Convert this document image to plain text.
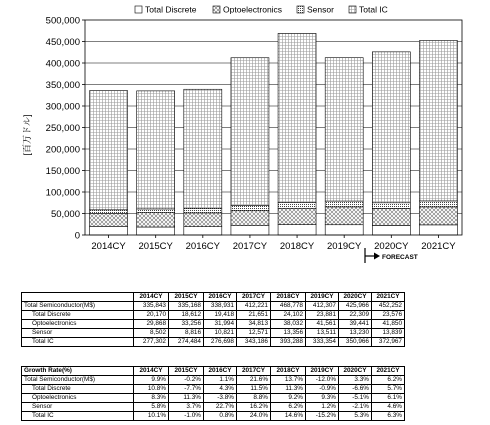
Total Discrete	Optoelectronics	Sensor	Total IC
0
50,000
100,000
150,000
200,000
250,000
300,000
350,000
400,000
450,000
500,000
2014CY 2015CY 2016CY 2017CY 2018CY 2019CY 2020CY 2021CY
[百万ドル]
FORECAST
	2014CY	2015CY	2016CY	2017CY	2018CY	2019CY	2020CY	2021CY
Total Semiconductor(M$)	335,843	335,168	338,931	412,221	468,778	412,307	425,966	452,252
Total Discrete	20,170	18,612	19,418	21,651	24,102	23,881	22,309	23,576
Optoelectronics	29,868	33,256	31,994	34,813	38,032	41,561	39,441	41,850
Sensor	8,502	8,816	10,821	12,571	13,356	13,511	13,230	13,839
Total IC	277,302	274,484	276,698	343,186	393,288	333,354	350,966	372,967
Growth Rate(%)	2014CY	2015CY	2016CY	2017CY	2018CY	2019CY	2020CY	2021CY
Total Semiconductor(M$)	9.9%	-0.2%	1.1%	21.6%	13.7%	-12.0%	3.3%	6.2%
Total Discrete	10.8%	-7.7%	4.3%	11.5%	11.3%	-0.9%	-6.6%	5.7%
Optoelectronics	8.3%	11.3%	-3.8%	8.8%	9.2%	9.3%	-5.1%	6.1%
Sensor	5.8%	3.7%	22.7%	16.2%	6.2%	1.2%	-2.1%	4.6%
Total IC	10.1%	-1.0%	0.8%	24.0%	14.6%	-15.2%	5.3%	6.3%
